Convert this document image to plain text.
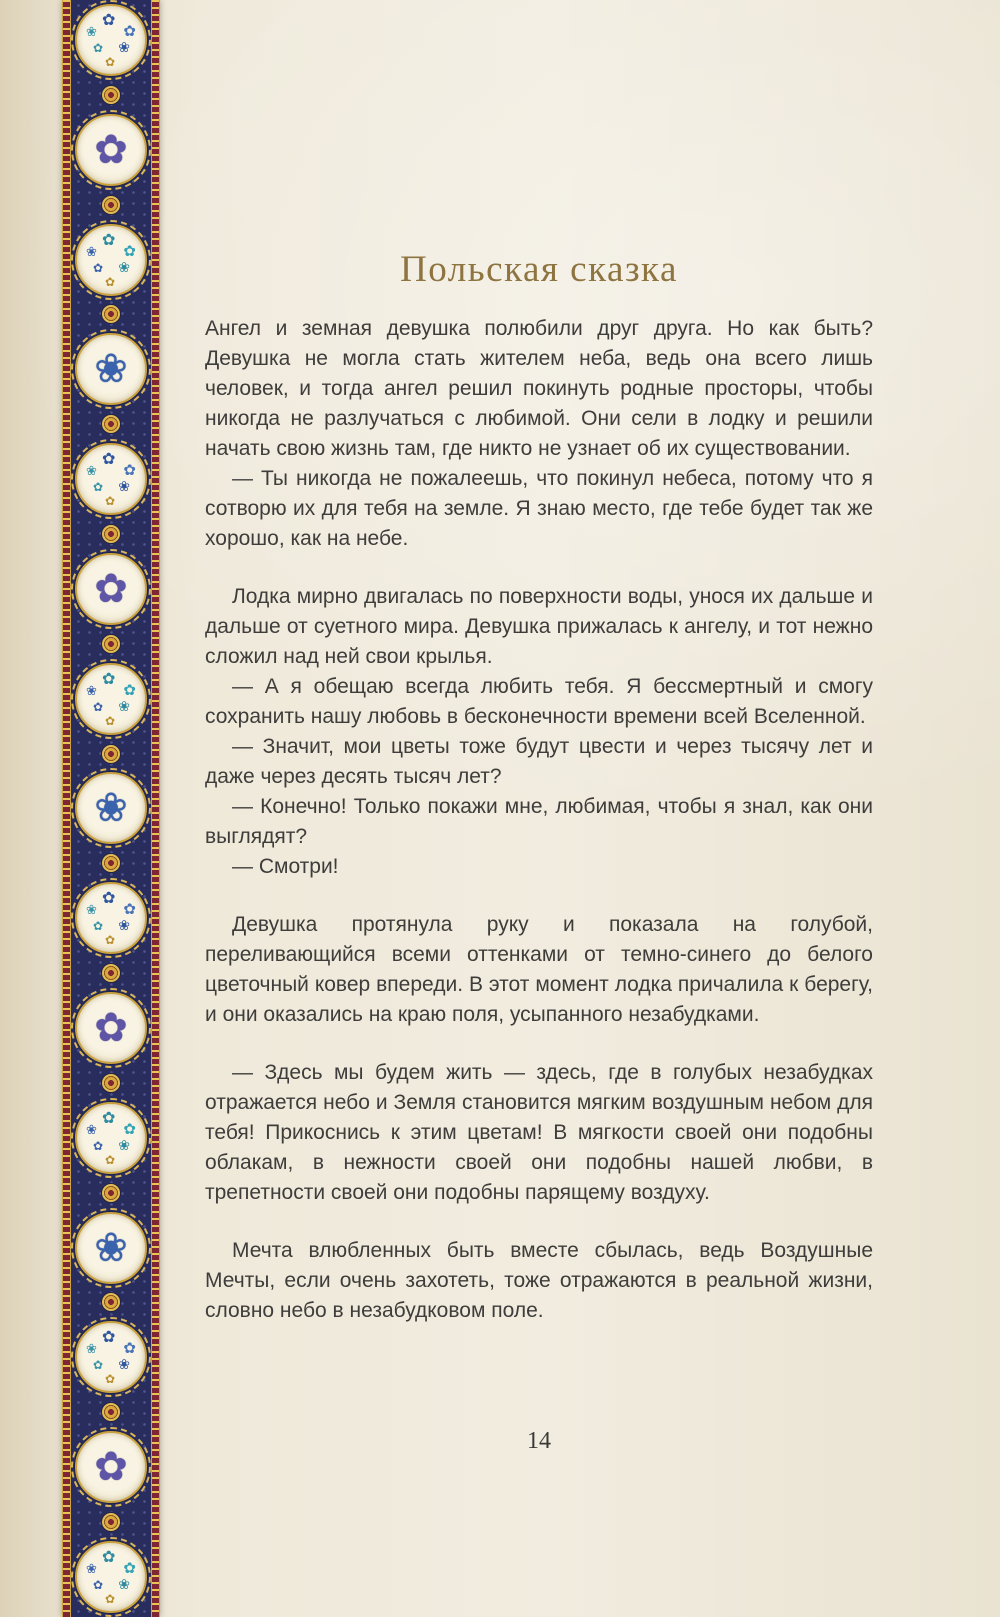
✿
❀ ✿
✿ ❀
✿
✿
✿
❀ ✿
✿ ❀
✿
❀
✿
❀ ✿
✿ ❀
✿
✿
✿
❀ ✿
✿ ❀
✿
❀
✿
❀ ✿
✿ ❀
✿
✿
✿
❀ ✿
✿ ❀
✿
❀
✿
❀ ✿
✿ ❀
✿
✿
✿
❀ ✿
✿ ❀
✿
Польская сказка

Ангел и земная девушка полюбили друг друга. Но как быть? Девушка не могла стать жителем неба, ведь она всего лишь человек, и тогда ангел решил покинуть родные просторы, чтобы никогда не разлучаться с любимой. Они сели в лодку и решили начать свою жизнь там, где никто не узнает об их существовании.

— Ты никогда не пожалеешь, что покинул небеса, потому что я сотворю их для тебя на земле. Я знаю место, где тебе будет так же хорошо, как на небе.

Лодка мирно двигалась по поверхности воды, унося их дальше и дальше от суетного мира. Девушка прижалась к ангелу, и тот нежно сложил над ней свои крылья.

— А я обещаю всегда любить тебя. Я бессмертный и смогу сохранить нашу любовь в бесконечности времени всей Вселенной.

— Значит, мои цветы тоже будут цвести и через тысячу лет и даже через десять тысяч лет?

— Конечно! Только покажи мне, любимая, чтобы я знал, как они выглядят?

— Смотри!

Девушка протянула руку и показала на голубой, переливающийся всеми оттенками от темно-синего до белого цветочный ковер впереди. В этот момент лодка причалила к берегу, и они оказались на краю поля, усыпанного незабудками.

— Здесь мы будем жить — здесь, где в голубых незабудках отражается небо и Земля становится мягким воздушным небом для тебя! Прикоснись к этим цветам! В мягкости своей они подобны облакам, в нежности своей они подобны нашей любви, в трепетности своей они подобны парящему воздуху.

Мечта влюбленных быть вместе сбылась, ведь Воздушные Мечты, если очень захотеть, тоже отражаются в реальной жизни, словно небо в незабудковом поле.

14
